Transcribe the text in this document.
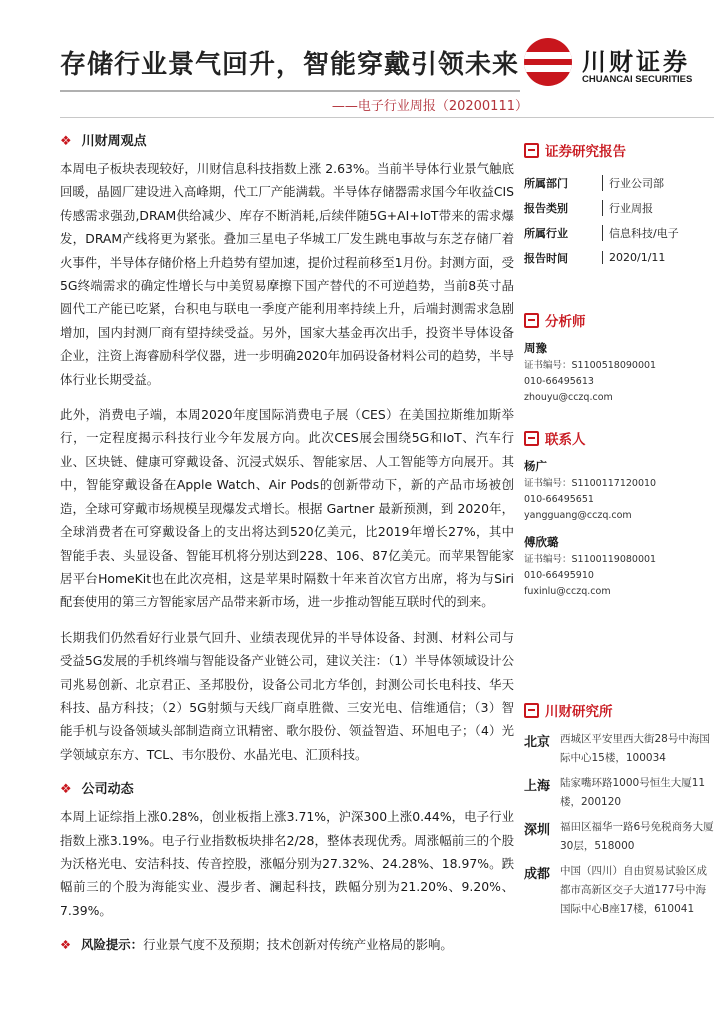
存储行业景气回升，智能穿戴引领未来	川财证券
CHUANCAI SECURITIES
——电子行业周报（20200111）
❖ 川财周观点

本周电子板块表现较好，川财信息科技指数上涨 2.63%。当前半导体行业景气触底回暖，晶圆厂建设进入高峰期，代工厂产能满载。半导体存储器需求国今年收益CIS传感需求强劲,DRAM供给减少、库存不断消耗,后续伴随5G+AI+IoT带来的需求爆发，DRAM产线将更为紧张。叠加三星电子华城工厂发生跳电事故与东芝存储厂着火事件，半导体存储价格上升趋势有望加速，提价过程前移至1月份。封测方面，受5G终端需求的确定性增长与中美贸易摩擦下国产替代的不可逆趋势，当前8英寸晶圆代工产能已吃紧，台积电与联电一季度产能利用率持续上升，后端封测需求急剧增加，国内封测厂商有望持续受益。另外，国家大基金再次出手，投资半导体设备企业，注资上海睿励科学仪器，进一步明确2020年加码设备材料公司的趋势，半导体行业长期受益。

此外，消费电子端，本周2020年度国际消费电子展（CES）在美国拉斯维加斯举行，一定程度揭示科技行业今年发展方向。此次CES展会围绕5G和IoT、汽车行业、区块链、健康可穿戴设备、沉浸式娱乐、智能家居、人工智能等方向展开。其中，智能穿戴设备在Apple Watch、Air Pods的创新带动下，新的产品市场被创造，全球可穿戴市场规模呈现爆发式增长。根据 Gartner 最新预测，到 2020年，全球消费者在可穿戴设备上的支出将达到520亿美元，比2019年增长27%，其中智能手表、头显设备、智能耳机将分别达到228、106、87亿美元。而苹果智能家居平台HomeKit也在此次亮相，这是苹果时隔数十年来首次官方出席，将为与Siri配套使用的第三方智能家居产品带来新市场，进一步推动智能互联时代的到来。

长期我们仍然看好行业景气回升、业绩表现优异的半导体设备、封测、材料公司与受益5G发展的手机终端与智能设备产业链公司，建议关注：（1）半导体领域设计公司兆易创新、北京君正、圣邦股份，设备公司北方华创，封测公司长电科技、华天科技、晶方科技；（2）5G射频与天线厂商卓胜微、三安光电、信维通信；（3）智能手机与设备领域头部制造商立讯精密、歌尔股份、领益智造、环旭电子；（4）光学领域京东方、TCL、韦尔股份、水晶光电、汇顶科技。

❖ 公司动态

本周上证综指上涨0.28%，创业板指上涨3.71%，沪深300上涨0.44%，电子行业指数上涨3.19%。电子行业指数板块排名2/28，整体表现优秀。周涨幅前三的个股为沃格光电、安洁科技、传音控股，涨幅分别为27.32%、24.28%、18.97%。跌幅前三的个股为海能实业、漫步者、澜起科技，跌幅分别为21.20%、9.20%、7.39%。

❖ 风险提示：行业景气度不及预期；技术创新对传统产业格局的影响。
证券研究报告
所属部门	行业公司部
报告类别	行业周报
所属行业	信息科技/电子
报告时间	2020/1/11
分析师
周豫
证书编号：S1100518090001
010-66495613
zhouyu@cczq.com
联系人
杨广
证书编号：S1100117120010
010-66495651
yangguang@cczq.com
傅欣璐
证书编号：S1100119080001
010-66495910
fuxinlu@cczq.com
川财研究所
北京 西城区平安里西大街28号中海国际中心15楼，100034
上海 陆家嘴环路1000号恒生大厦11楼，200120
深圳 福田区福华一路6号免税商务大厦30层，518000
成都 中国（四川）自由贸易试验区成都市高新区交子大道177号中海国际中心B座17楼，610041
